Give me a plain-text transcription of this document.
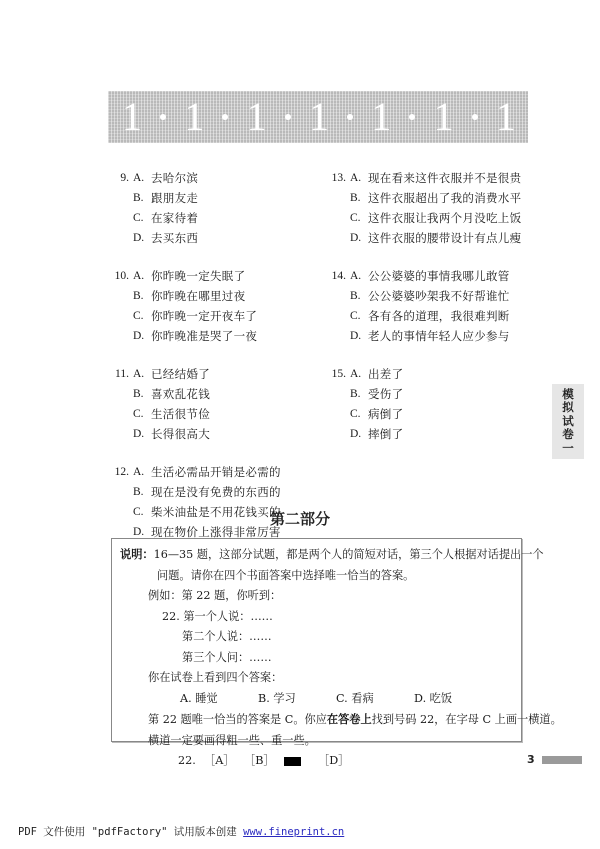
1 1 1 1 1 1 1
9. A. 去哈尔滨
B. 跟朋友走
C. 在家待着
D. 去买东西
10. A. 你昨晚一定失眠了
B. 你昨晚在哪里过夜
C. 你昨晚一定开夜车了
D. 你昨晚准是哭了一夜
11. A. 已经结婚了
B. 喜欢乱花钱
C. 生活很节俭
D. 长得很高大
12. A. 生活必需品开销是必需的
B. 现在是没有免费的东西的
C. 柴米油盐是不用花钱买的
D. 现在物价上涨得非常厉害
13. A. 现在看来这件衣服并不是很贵
B. 这件衣服超出了我的消费水平
C. 这件衣服让我两个月没吃上饭
D. 这件衣服的腰带设计有点儿瘦
14. A. 公公婆婆的事情我哪儿敢管
B. 公公婆婆吵架我不好帮谁忙
C. 各有各的道理，我很难判断
D. 老人的事情年轻人应少参与
15. A. 出差了
B. 受伤了
C. 病倒了
D. 摔倒了
模
拟
试
卷
一
第二部分
说明：16—35 题，这部分试题，都是两个人的简短对话，第三个人根据对话提出一个
问题。请你在四个书面答案中选择唯一恰当的答案。
例如：第 22 题，你听到：
22. 第一个人说：……
第二个人说：……
第三个人问：……
你在试卷上看到四个答案：
A. 睡觉	B. 学习	C. 看病	D. 吃饭
第 22 题唯一恰当的答案是 C。你应在答卷上找到号码 22，在字母 C 上画一横道。
横道一定要画得粗一些、重一些。
22. ［A］ ［B］	［D］	3
PDF 文件使用 "pdfFactory" 试用版本创建 www.fineprint.cn
